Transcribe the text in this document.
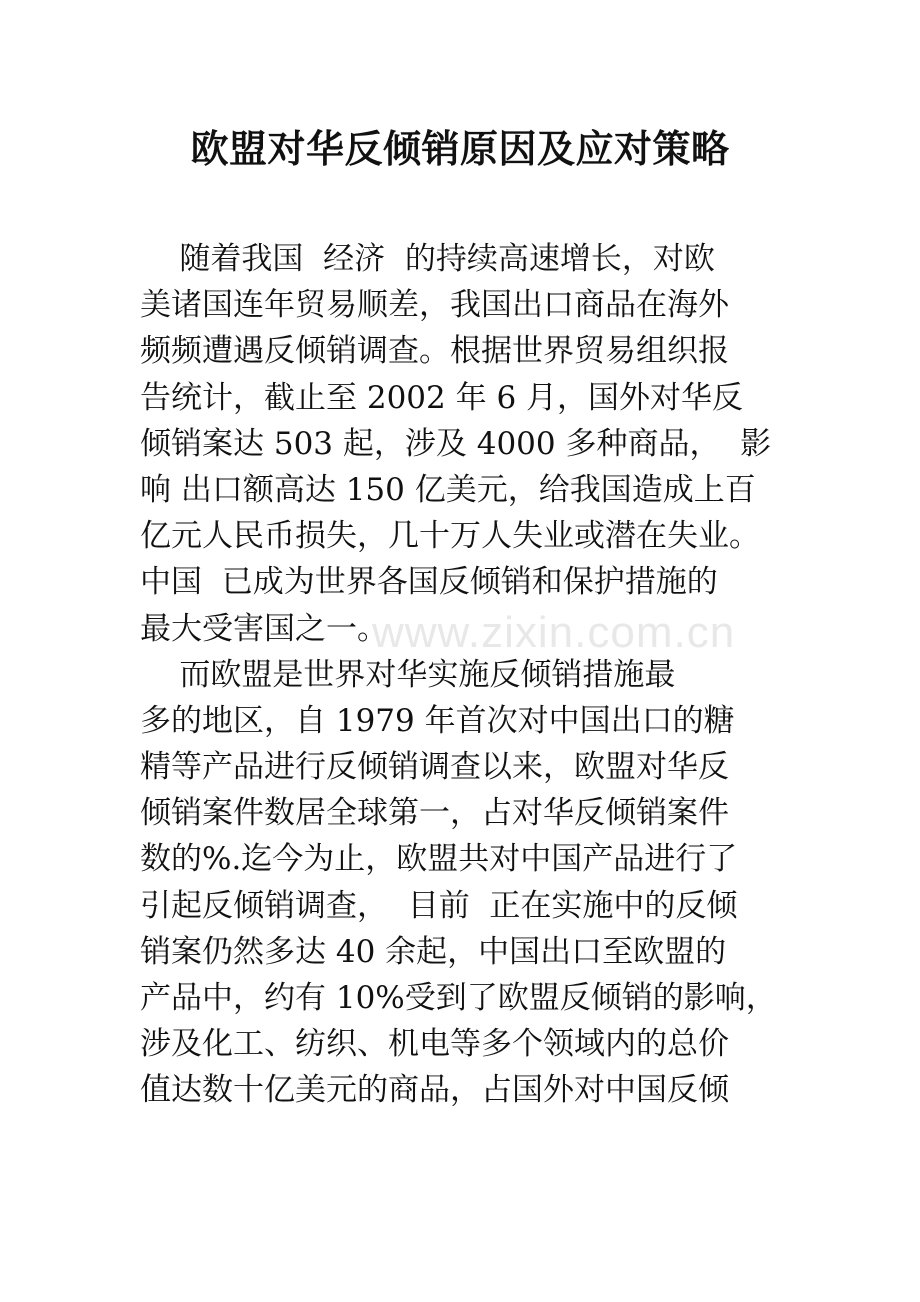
欧盟对华反倾销原因及应对策略
www.zixin.com.cn
随着我国  经济  的持续高速增长，对欧
美诸国连年贸易顺差，我国出口商品在海外
频频遭遇反倾销调查。根据世界贸易组织报
告统计，截止至 2002 年 6 月，国外对华反
倾销案达 503 起，涉及 4000 多种商品，  影
响 出口额高达 150 亿美元，给我国造成上百
亿元人民币损失，几十万人失业或潜在失业。
中国  已成为世界各国反倾销和保护措施的
最大受害国之一。
而欧盟是世界对华实施反倾销措施最
多的地区，自 1979 年首次对中国出口的糖
精等产品进行反倾销调查以来，欧盟对华反
倾销案件数居全球第一，占对华反倾销案件
数的%.迄今为止，欧盟共对中国产品进行了
引起反倾销调查，  目前  正在实施中的反倾
销案仍然多达 40 余起，中国出口至欧盟的
产品中，约有 10%受到了欧盟反倾销的影响，
涉及化工、纺织、机电等多个领域内的总价
值达数十亿美元的商品，占国外对中国反倾
